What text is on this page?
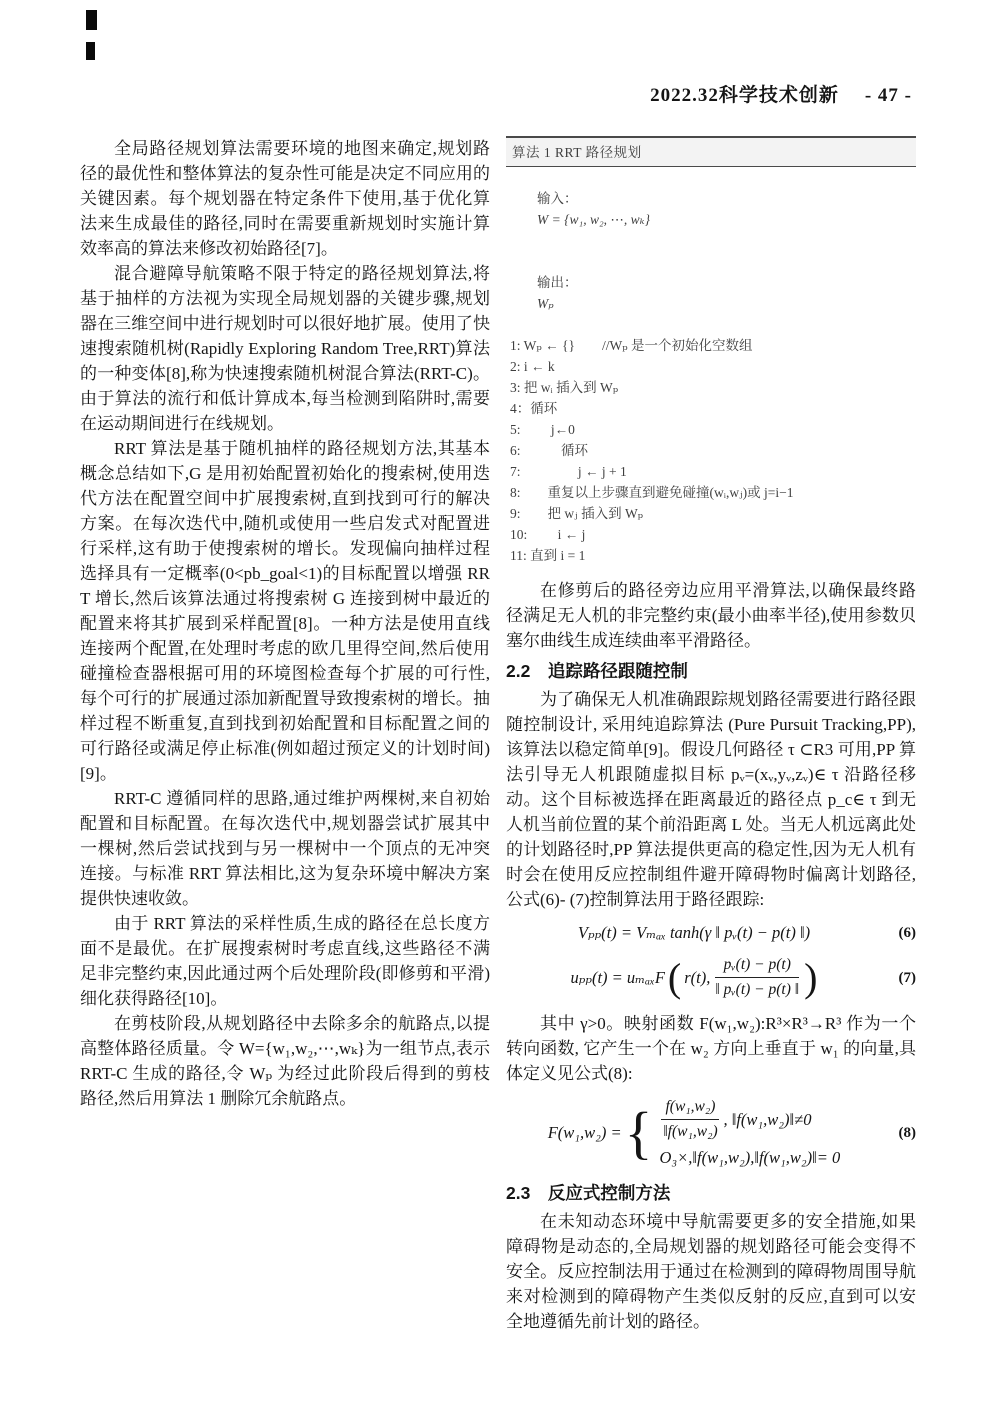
2022.32科学技术创新 - 47 -

全局路径规划算法需要环境的地图来确定,规划路径的最优性和整体算法的复杂性可能是决定不同应用的关键因素。每个规划器在特定条件下使用,基于优化算法来生成最佳的路径,同时在需要重新规划时实施计算效率高的算法来修改初始路径[7]。

混合避障导航策略不限于特定的路径规划算法,将基于抽样的方法视为实现全局规划器的关键步骤,规划器在三维空间中进行规划时可以很好地扩展。使用了快速搜索随机树(Rapidly Exploring Random Tree,RRT)算法的一种变体[8],称为快速搜索随机树混合算法(RRT-C)。由于算法的流行和低计算成本,每当检测到陷阱时,需要在运动期间进行在线规划。

RRT 算法是基于随机抽样的路径规划方法,其基本概念总结如下,G 是用初始配置初始化的搜索树,使用迭代方法在配置空间中扩展搜索树,直到找到可行的解决方案。在每次迭代中,随机或使用一些启发式对配置进行采样,这有助于使搜索树的增长。发现偏向抽样过程选择具有一定概率(0<pb_goal<1)的目标配置以增强 RRT 增长,然后该算法通过将搜索树 G 连接到树中最近的配置来将其扩展到采样配置[8]。一种方法是使用直线连接两个配置,在处理时考虑的欧几里得空间,然后使用碰撞检查器根据可用的环境图检查每个扩展的可行性,每个可行的扩展通过添加新配置导致搜索树的增长。抽样过程不断重复,直到找到初始配置和目标配置之间的可行路径或满足停止标准(例如超过预定义的计划时间)[9]。

RRT-C 遵循同样的思路,通过维护两棵树,来自初始配置和目标配置。在每次迭代中,规划器尝试扩展其中一棵树,然后尝试找到与另一棵树中一个顶点的无冲突连接。与标准 RRT 算法相比,这为复杂环境中解决方案提供快速收敛。

由于 RRT 算法的采样性质,生成的路径在总长度方面不是最优。在扩展搜索树时考虑直线,这些路径不满足非完整约束,因此通过两个后处理阶段(即修剪和平滑)细化获得路径[10]。

在剪枝阶段,从规划路径中去除多余的航路点,以提高整体路径质量。令 W={w₁,w₂,⋯,wₖ}为一组节点,表示 RRT-C 生成的路径,令 Wₚ 为经过此阶段后得到的剪枝路径,然后用算法 1 删除冗余航路点。

算法 1 RRT 路径规划

输入：
W = {w₁, w₂, ⋯, wₖ}

输出：
Wₚ

1: Wₚ ← {}　　//Wₚ 是一个初始化空数组
2: i ← k
3: 把 wᵢ 插入到 Wₚ
4：循环
5:　　 j←0
6:　　　循环
7:　　　　 j ← j + 1
8:　　重复以上步骤直到避免碰撞(wᵢ,wⱼ)或 j=i−1
9:　　把 wⱼ 插入到 Wₚ
10:　　 i ← j
11: 直到 i = 1

在修剪后的路径旁边应用平滑算法,以确保最终路径满足无人机的非完整约束(最小曲率半径),使用参数贝塞尔曲线生成连续曲率平滑路径。

2.2　追踪路径跟随控制

为了确保无人机准确跟踪规划路径需要进行路径跟随控制设计, 采用纯追踪算法 (Pure Pursuit Tracking,PP), 该算法以稳定简单[9]。假设几何路径 τ ⊂R3 可用,PP 算法引导无人机跟随虚拟目标 pᵥ=(xᵥ,yᵥ,zᵥ)∈ τ 沿路径移动。这个目标被选择在距离最近的路径点 p_c∈ τ 到无人机当前位置的某个前沿距离 L 处。当无人机远离此处的计划路径时,PP 算法提供更高的稳定性,因为无人机有时会在使用反应控制组件避开障碍物时偏离计划路径,公式(6)- (7)控制算法用于路径跟踪:

Vₚₚ(t) = Vₘₐₓ tanh(γ ‖ pᵥ(t) − p(t) ‖)	(6)
uₚₚ(t) = uₘₐₓF ( r(t), $\frac{\text{pᵥ(t) − p(t)}}{\text{‖ pᵥ(t) − p(t) ‖}}$ )	(7)

其中 γ>0。映射函数 F(w₁,w₂):R³×R³→R³ 作为一个转向函数, 它产生一个在 w₂ 方向上垂直于 w₁ 的向量,具体定义见公式(8):

F(w₁,w₂) = { $\frac{\text{f(w₁,w₂)}}{\text{‖f(w₁,w₂)}}$ , ‖f(w₁,w₂)‖≠0
O₃×,‖f(w₁,w₂),‖f(w₁,w₂)‖= 0
(8)
2.3　反应式控制方法

在未知动态环境中导航需要更多的安全措施,如果障碍物是动态的,全局规划器的规划路径可能会变得不安全。反应控制法用于通过在检测到的障碍物周围导航来对检测到的障碍物产生类似反射的反应,直到可以安全地遵循先前计划的路径。
